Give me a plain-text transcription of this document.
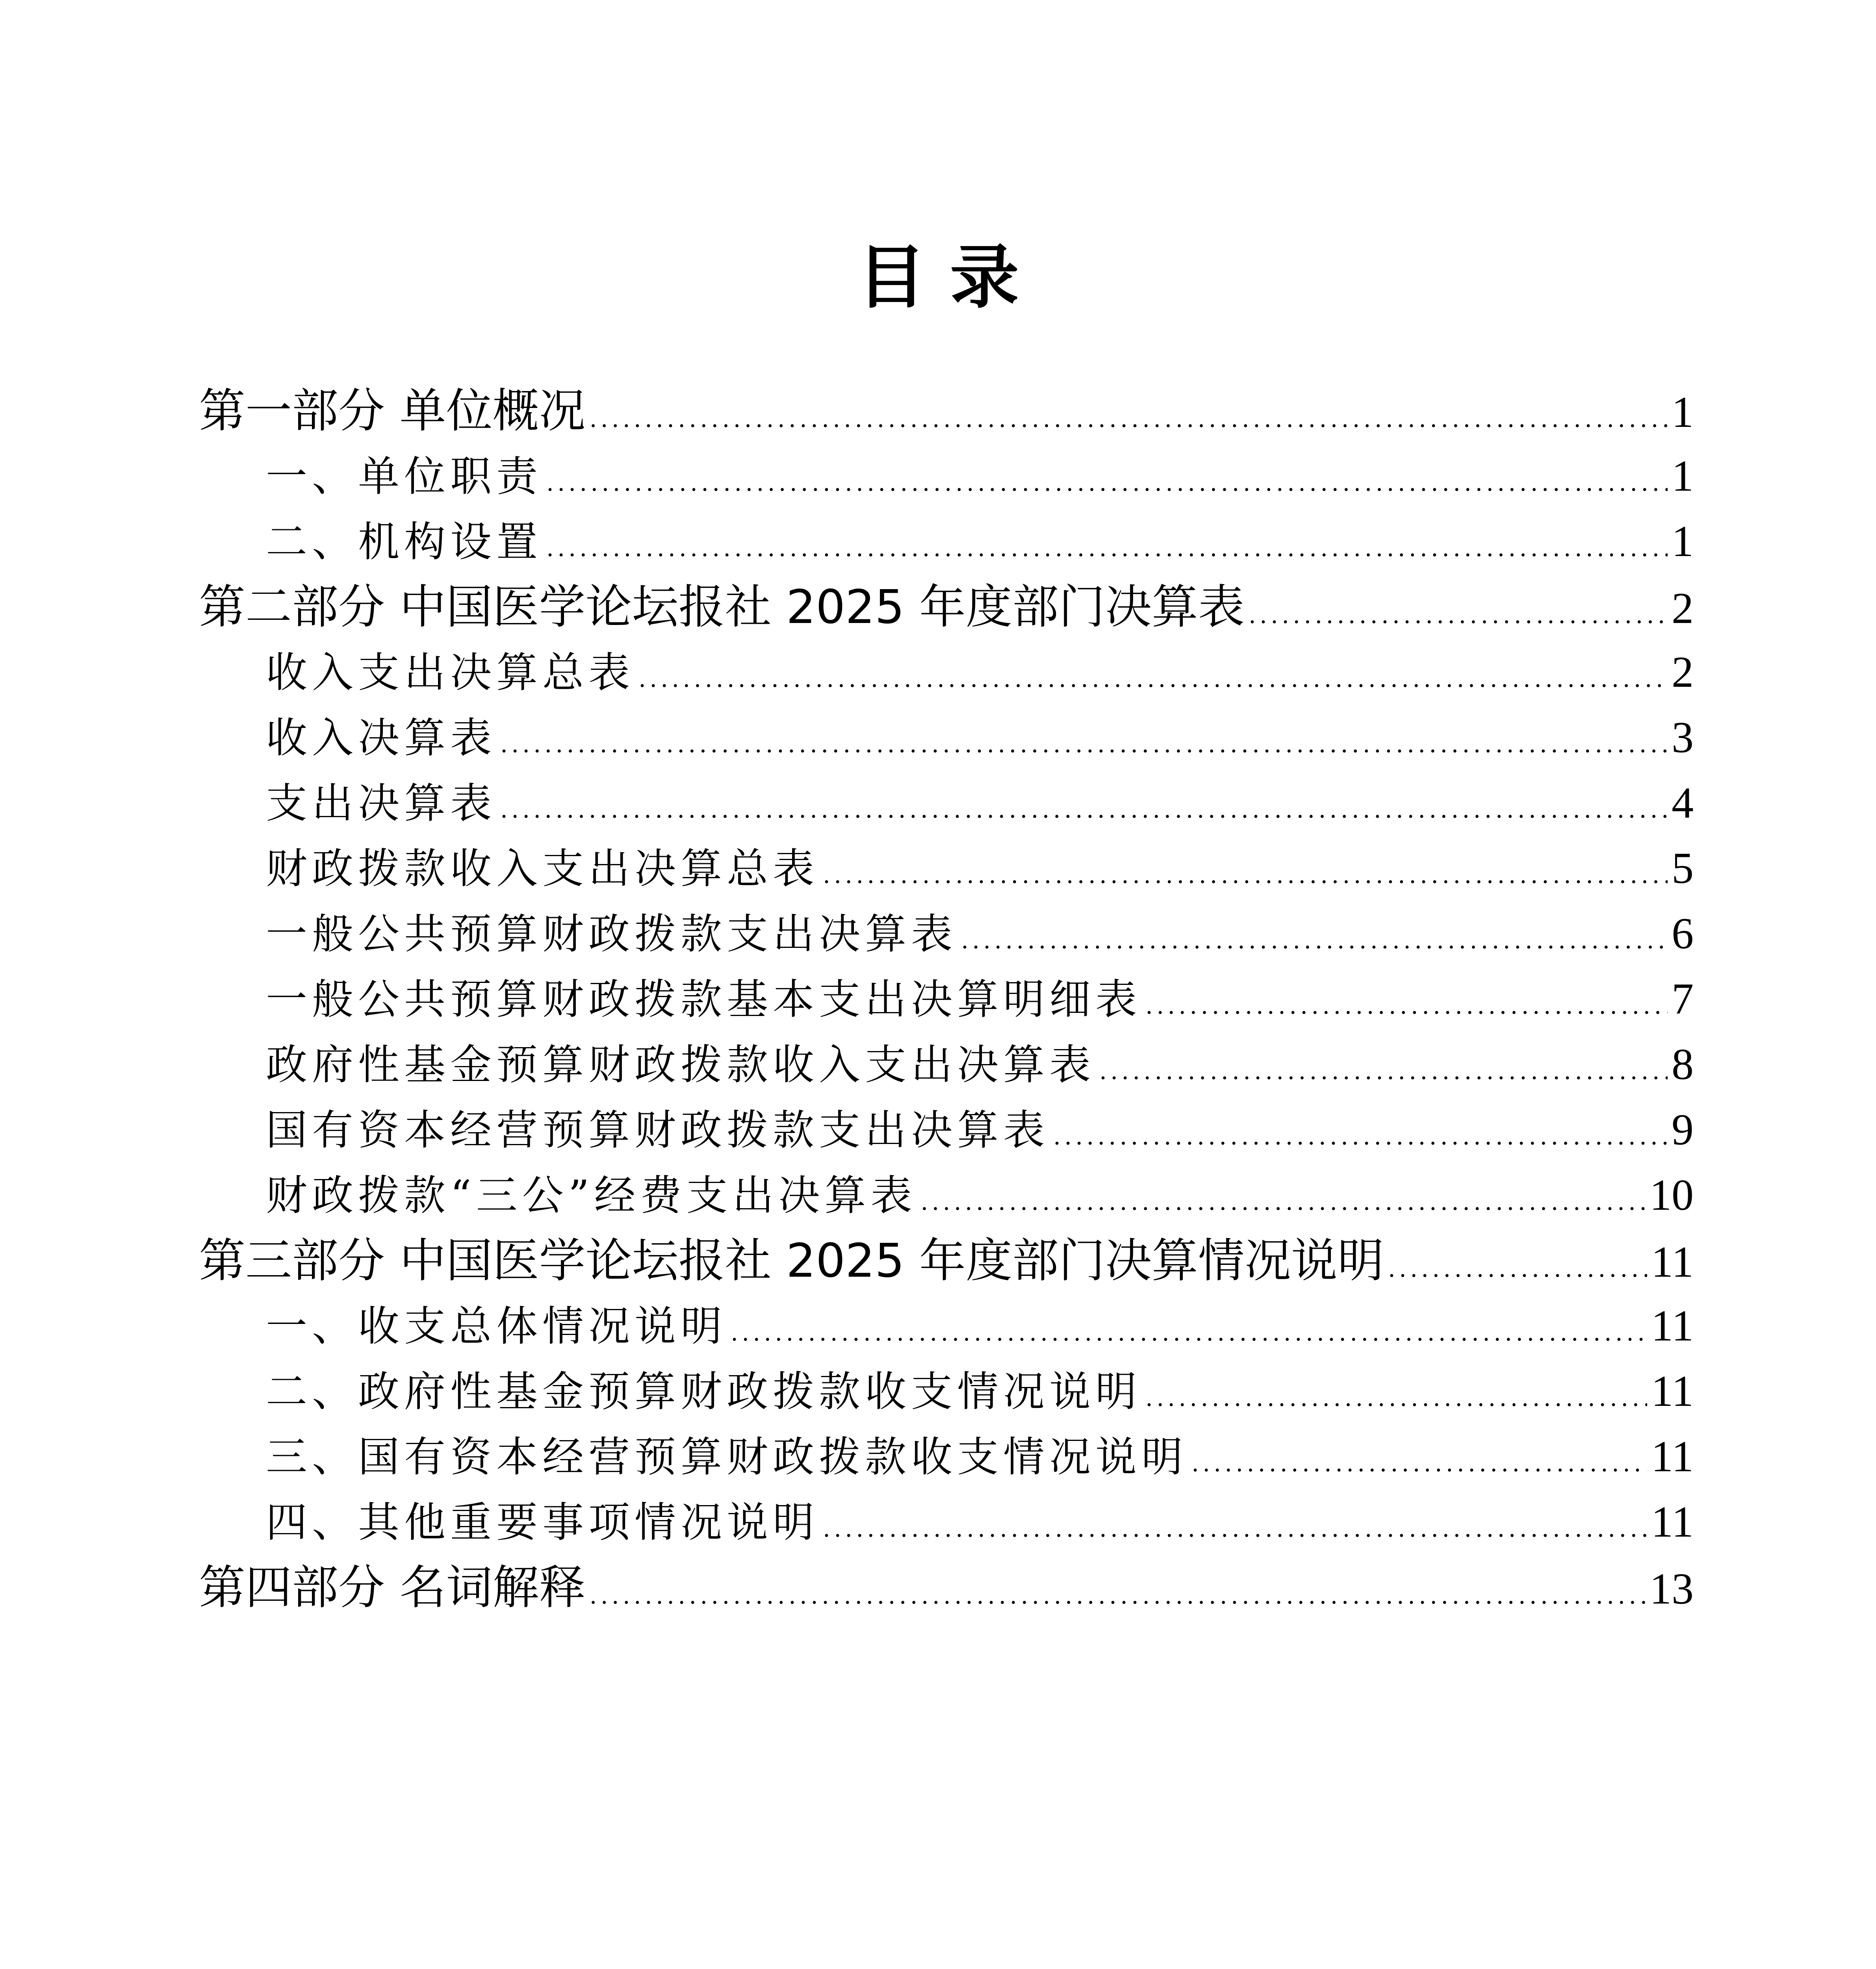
目 录
第一部分 单位概况 .....	1
一、单位职责 .....	1
二、机构设置 .....	1
第二部分 中国医学论坛报社 2025 年度部门决算表 .....	2
收入支出决算总表 .....	2
收入决算表 .....	3
支出决算表 .....	4
财政拨款收入支出决算总表 .....	5
一般公共预算财政拨款支出决算表 .....	6
一般公共预算财政拨款基本支出决算明细表 .....	7
政府性基金预算财政拨款收入支出决算表 .....	8
国有资本经营预算财政拨款支出决算表 .....	9
财政拨款“三公”经费支出决算表 .....	10
第三部分 中国医学论坛报社 2025 年度部门决算情况说明 .....	11
一、收支总体情况说明 .....	11
二、政府性基金预算财政拨款收支情况说明 .....	11
三、国有资本经营预算财政拨款收支情况说明 .....	11
四、其他重要事项情况说明 .....	11
第四部分 名词解释 .....	13
